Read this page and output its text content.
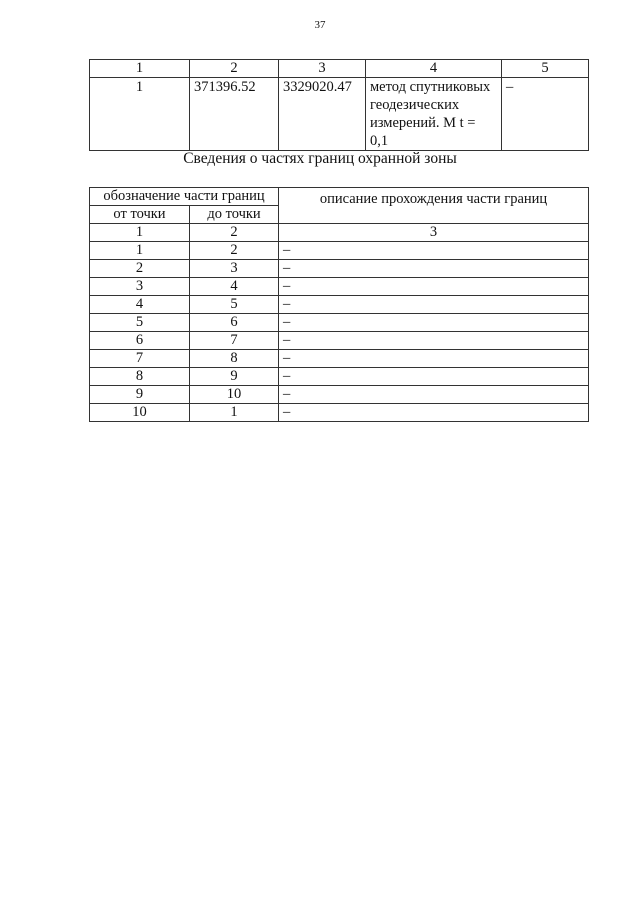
37
1	2	3	4	5
1	371396.52	3329020.47	метод спутниковых
геодезических
измерений. M t = 0,1	–
Сведения о частях границ охранной зоны
обозначение части границ		описание прохождения части границ
от точки	до точки	
1	2	3
1	2	–
2	3	–
3	4	–
4	5	–
5	6	–
6	7	–
7	8	–
8	9	–
9	10	–
10	1	–
